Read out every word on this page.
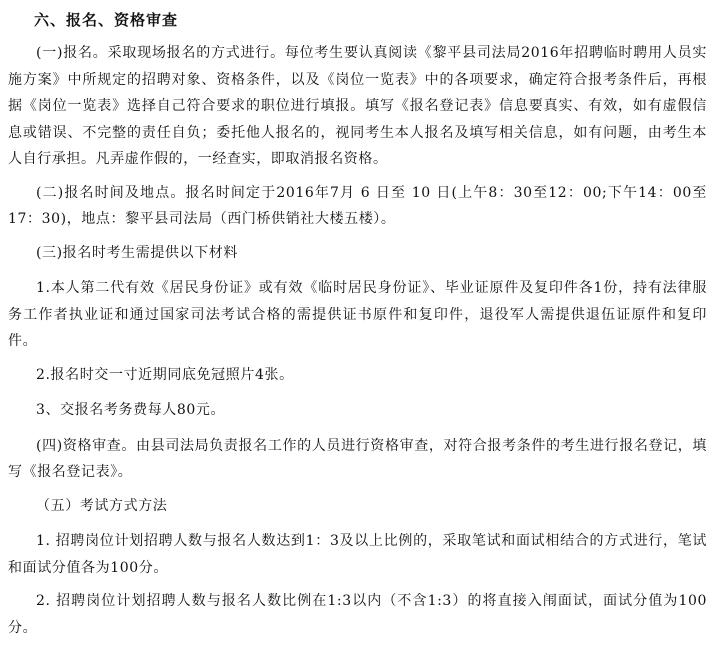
六、报名、资格审查

(一)报名。采取现场报名的方式进行。每位考生要认真阅读《黎平县司法局2016年招聘临时聘用人员实施方案》中所规定的招聘对象、资格条件，以及《岗位一览表》中的各项要求，确定符合报考条件后，再根据《岗位一览表》选择自己符合要求的职位进行填报。填写《报名登记表》信息要真实、有效，如有虚假信息或错误、不完整的责任自负；委托他人报名的，视同考生本人报名及填写相关信息，如有问题，由考生本人自行承担。凡弄虚作假的，一经查实，即取消报名资格。

(二)报名时间及地点。报名时间定于2016年7月 6 日至 10 日(上午8：30至12：00;下午14：00至17：30)，地点：黎平县司法局（西门桥供销社大楼五楼）。

(三)报名时考生需提供以下材料

1.本人第二代有效《居民身份证》或有效《临时居民身份证》、毕业证原件及复印件各1份，持有法律服务工作者执业证和通过国家司法考试合格的需提供证书原件和复印件，退役军人需提供退伍证原件和复印件。

2.报名时交一寸近期同底免冠照片4张。

3、交报名考务费每人80元。

(四)资格审查。由县司法局负责报名工作的人员进行资格审查，对符合报考条件的考生进行报名登记，填写《报名登记表》。

（五）考试方式方法

1. 招聘岗位计划招聘人数与报名人数达到1：3及以上比例的，采取笔试和面试相结合的方式进行，笔试和面试分值各为100分。

2. 招聘岗位计划招聘人数与报名人数比例在1:3以内（不含1:3）的将直接入闱面试，面试分值为100分。
